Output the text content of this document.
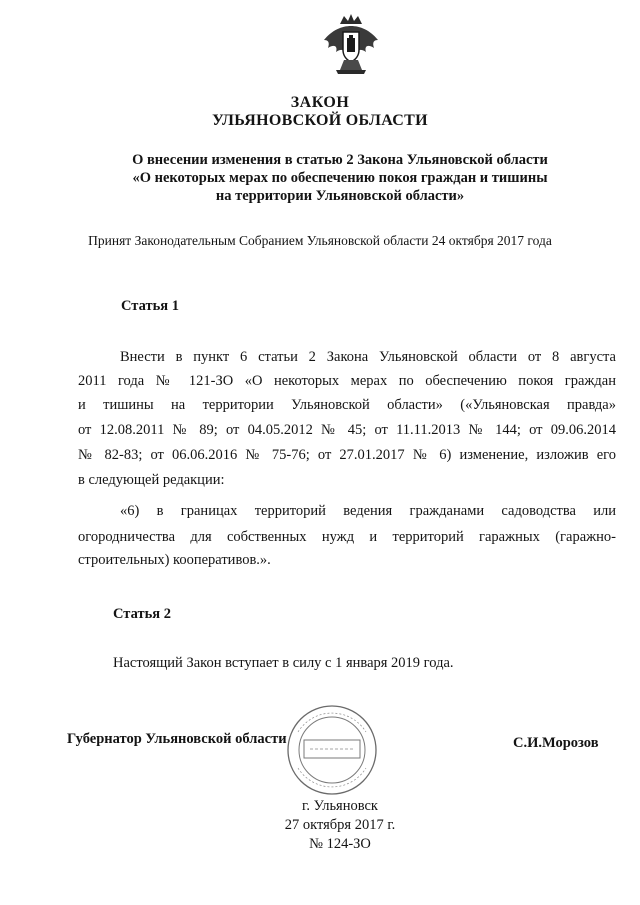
ЗАКОН
УЛЬЯНОВСКОЙ ОБЛАСТИ
О внесении изменения в статью 2 Закона Ульяновской области
«О некоторых мерах по обеспечению покоя граждан и тишины
на территории Ульяновской области»
Принят Законодательным Собранием Ульяновской области 24 октября 2017 года
Статья 1
Внести в пункт 6 статьи 2 Закона Ульяновской области от 8 августа
2011 года № 121-ЗО «О некоторых мерах по обеспечению покоя граждан
и тишины на территории Ульяновской области» («Ульяновская правда»
от 12.08.2011 № 89; от 04.05.2012 № 45; от 11.11.2013 № 144; от 09.06.2014
№ 82-83; от 06.06.2016 № 75-76; от 27.01.2017 № 6) изменение, изложив его
в следующей редакции:
«6) в границах территорий ведения гражданами садоводства или
огородничества для собственных нужд и территорий гаражных (гаражно-
строительных) кооперативов.».
Статья 2
Настоящий Закон вступает в силу с 1 января 2019 года.
Губернатор Ульяновской области	С.И.Морозов
г. Ульяновск
27 октября 2017 г.
№ 124-ЗО
